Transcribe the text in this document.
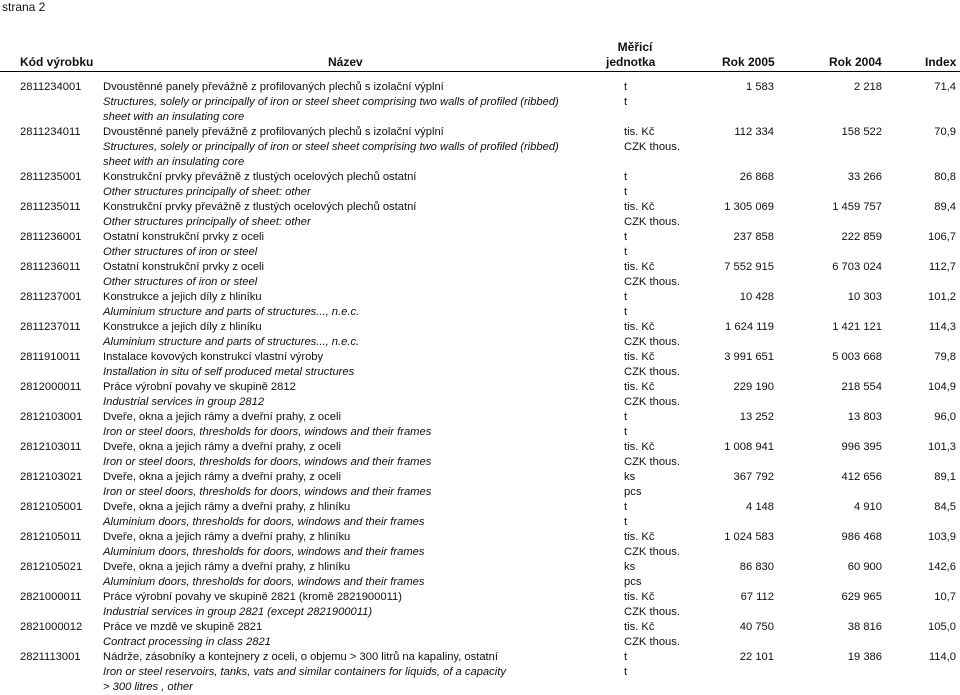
strana 2
Kód výrobku	Název
Měřicí
jednotka	Rok 2005	Rok 2004	Index
2811234001 Dvoustěnné panely převážně z profilovaných plechů s izolační výplní	t	1 583	2 218	71,4
Structures, solely or principally of iron or steel sheet comprising two walls of profiled (ribbed)	t
sheet with an insulating core
2811234011 Dvoustěnné panely převážně z profilovaných plechů s izolační výplní	tis. Kč	112 334	158 522	70,9
Structures, solely or principally of iron or steel sheet comprising two walls of profiled (ribbed)	CZK thous.
sheet with an insulating core
2811235001 Konstrukční prvky převážně z tlustých ocelových plechů ostatní	t	26 868	33 266	80,8
Other structures principally of sheet: other	t
2811235011 Konstrukční prvky převážně z tlustých ocelových plechů ostatní	tis. Kč	1 305 069	1 459 757	89,4
Other structures principally of sheet: other	CZK thous.
2811236001 Ostatní konstrukční prvky z oceli	t	237 858	222 859	106,7
Other structures of iron or steel	t
2811236011 Ostatní konstrukční prvky z oceli	tis. Kč	7 552 915	6 703 024	112,7
Other structures of iron or steel	CZK thous.
2811237001 Konstrukce a jejich díly z hliníku	t	10 428	10 303	101,2
Aluminium structure and parts of structures..., n.e.c.	t
2811237011 Konstrukce a jejich díly z hliníku	tis. Kč	1 624 119	1 421 121	114,3
Aluminium structure and parts of structures..., n.e.c.	CZK thous.
2811910011 Instalace kovových konstrukcí vlastní výroby	tis. Kč	3 991 651	5 003 668	79,8
Installation in situ of self produced metal structures	CZK thous.
2812000011 Práce výrobní povahy ve skupině 2812	tis. Kč	229 190	218 554	104,9
Industrial services in group 2812	CZK thous.
2812103001 Dveře, okna a jejich rámy a dveřní prahy, z oceli	t	13 252	13 803	96,0
Iron or steel doors, thresholds for doors, windows and their frames	t
2812103011 Dveře, okna a jejich rámy a dveřní prahy, z oceli	tis. Kč	1 008 941	996 395	101,3
Iron or steel doors, thresholds for doors, windows and their frames	CZK thous.
2812103021 Dveře, okna a jejich rámy a dveřní prahy, z oceli	ks	367 792	412 656	89,1
Iron or steel doors, thresholds for doors, windows and their frames	pcs
2812105001 Dveře, okna a jejich rámy a dveřní prahy, z hliníku	t	4 148	4 910	84,5
Aluminium doors, thresholds for doors, windows and their frames	t
2812105011 Dveře, okna a jejich rámy a dveřní prahy, z hliníku	tis. Kč	1 024 583	986 468	103,9
Aluminium doors, thresholds for doors, windows and their frames	CZK thous.
2812105021 Dveře, okna a jejich rámy a dveřní prahy, z hliníku	ks	86 830	60 900	142,6
Aluminium doors, thresholds for doors, windows and their frames	pcs
2821000011 Práce výrobní povahy ve skupině 2821 (kromě 2821900011)	tis. Kč	67 112	629 965	10,7
Industrial services in group 2821 (except 2821900011)	CZK thous.
2821000012 Práce ve mzdě ve skupině 2821	tis. Kč	40 750	38 816	105,0
Contract processing in class 2821	CZK thous.
2821113001 Nádrže, zásobníky a kontejnery z oceli, o objemu > 300 litrů na kapaliny, ostatní	t	22 101	19 386	114,0
Iron or steel reservoirs, tanks, vats and similar containers for liquids, of a capacity	t
> 300 litres , other
